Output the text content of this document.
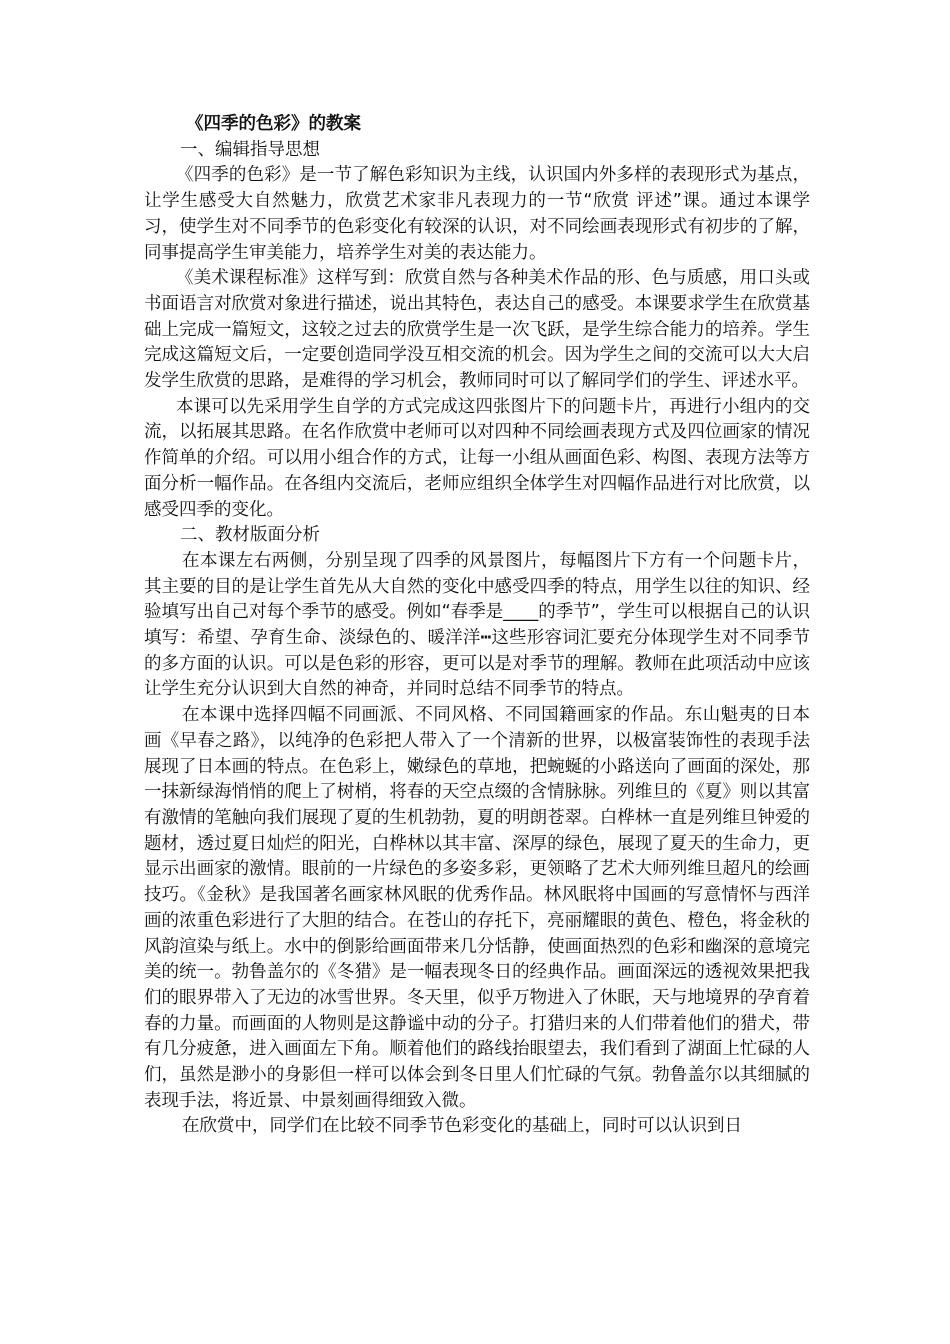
《四季的色彩》的教案

一、编辑指导思想

《四季的色彩》是一节了解色彩知识为主线，认识国内外多样的表现形式为基点，让学生感受大自然魅力，欣赏艺术家非凡表现力的一节“欣赏 评述”课。通过本课学习，使学生对不同季节的色彩变化有较深的认识，对不同绘画表现形式有初步的了解，同事提高学生审美能力，培养学生对美的表达能力。

《美术课程标准》这样写到：欣赏自然与各种美术作品的形、色与质感，用口头或书面语言对欣赏对象进行描述，说出其特色，表达自己的感受。本课要求学生在欣赏基础上完成一篇短文，这较之过去的欣赏学生是一次飞跃，是学生综合能力的培养。学生完成这篇短文后，一定要创造同学没互相交流的机会。因为学生之间的交流可以大大启发学生欣赏的思路，是难得的学习机会，教师同时可以了解同学们的学生、评述水平。

本课可以先采用学生自学的方式完成这四张图片下的问题卡片，再进行小组内的交流，以拓展其思路。在名作欣赏中老师可以对四种不同绘画表现方式及四位画家的情况作简单的介绍。可以用小组合作的方式，让每一小组从画面色彩、构图、表现方法等方面分析一幅作品。在各组内交流后，老师应组织全体学生对四幅作品进行对比欣赏，以感受四季的变化。

二、教材版面分析

在本课左右两侧，分别呈现了四季的风景图片，每幅图片下方有一个问题卡片，其主要的目的是让学生首先从大自然的变化中感受四季的特点，用学生以往的知识、经验填写出自己对每个季节的感受。例如“春季是____的季节”，学生可以根据自己的认识填写：希望、孕育生命、淡绿色的、暖洋洋┅这些形容词汇要充分体现学生对不同季节的多方面的认识。可以是色彩的形容，更可以是对季节的理解。教师在此项活动中应该让学生充分认识到大自然的神奇，并同时总结不同季节的特点。

在本课中选择四幅不同画派、不同风格、不同国籍画家的作品。东山魁夷的日本画《早春之路》，以纯净的色彩把人带入了一个清新的世界，以极富装饰性的表现手法展现了日本画的特点。在色彩上，嫩绿色的草地，把蜿蜒的小路送向了画面的深处，那一抹新绿海悄悄的爬上了树梢，将春的天空点缀的含情脉脉。列维旦的《夏》则以其富有激情的笔触向我们展现了夏的生机勃勃，夏的明朗苍翠。白桦林一直是列维旦钟爱的题材，透过夏日灿烂的阳光，白桦林以其丰富、深厚的绿色，展现了夏天的生命力，更显示出画家的激情。眼前的一片绿色的多姿多彩，更领略了艺术大师列维旦超凡的绘画技巧。《金秋》是我国著名画家林风眠的优秀作品。林风眠将中国画的写意情怀与西洋画的浓重色彩进行了大胆的结合。在苍山的存托下，亮丽耀眼的黄色、橙色，将金秋的风韵渲染与纸上。水中的倒影给画面带来几分恬静，使画面热烈的色彩和幽深的意境完美的统一。勃鲁盖尔的《冬猎》是一幅表现冬日的经典作品。画面深远的透视效果把我们的眼界带入了无边的冰雪世界。冬天里，似乎万物进入了休眠，天与地境界的孕育着春的力量。而画面的人物则是这静谧中动的分子。打猎归来的人们带着他们的猎犬，带有几分疲惫，进入画面左下角。顺着他们的路线抬眼望去，我们看到了湖面上忙碌的人们，虽然是渺小的身影但一样可以体会到冬日里人们忙碌的气氛。勃鲁盖尔以其细腻的表现手法，将近景、中景刻画得细致入微。

在欣赏中，同学们在比较不同季节色彩变化的基础上，同时可以认识到日
